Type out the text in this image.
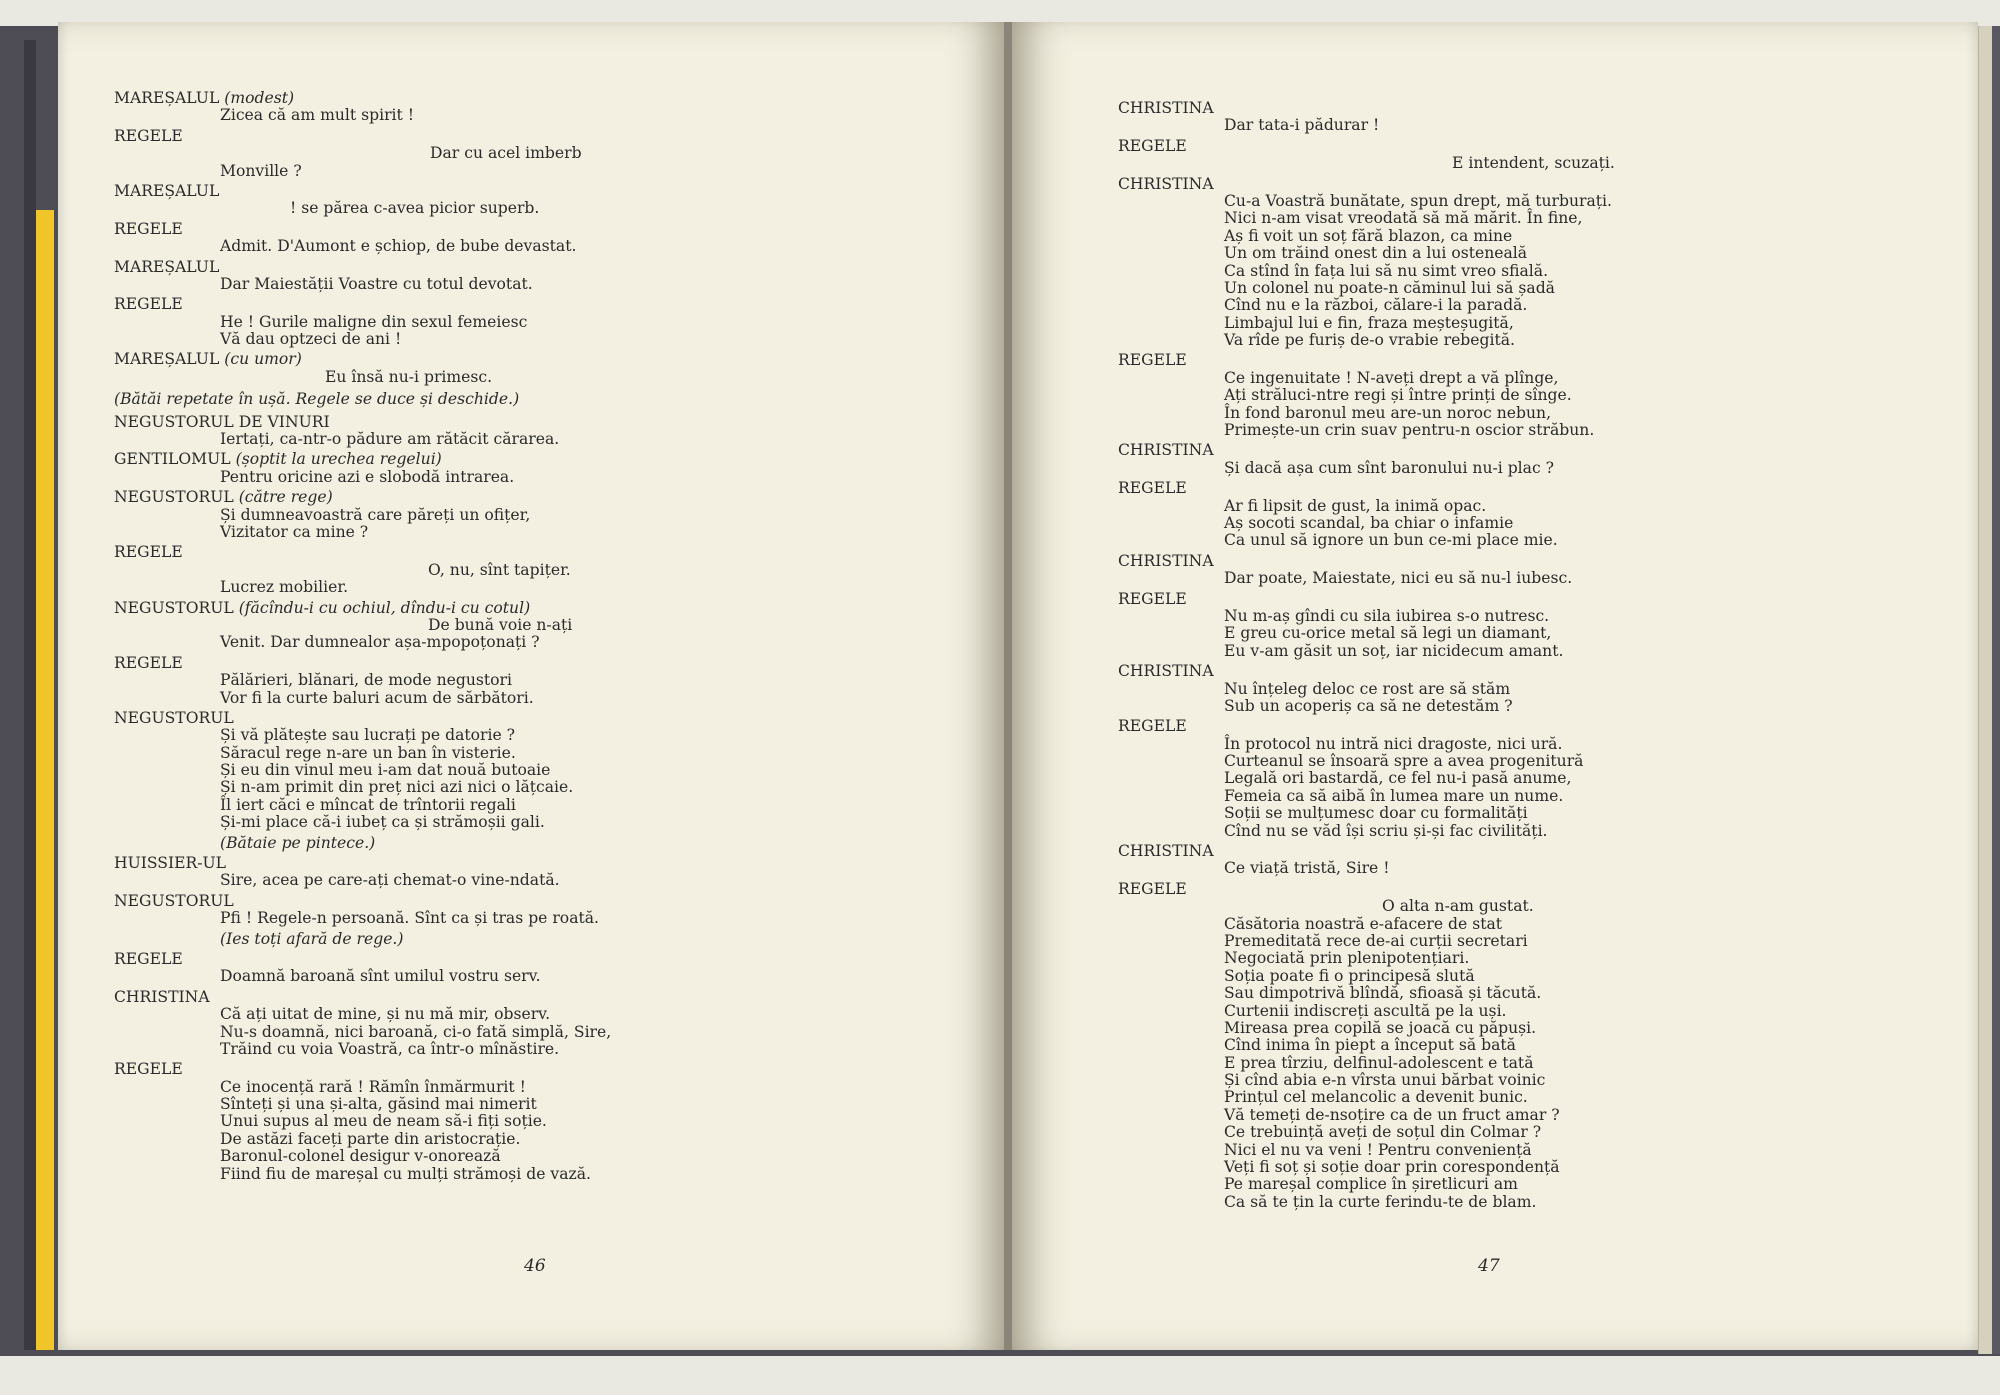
MAREȘALUL (modest)
Zicea că am mult spirit !
REGELE
Dar cu acel imberb
Monville ?
MAREȘALUL
! se părea c-avea picior superb.
REGELE
Admit. D'Aumont e șchiop, de bube devastat.
MAREȘALUL
Dar Maiestății Voastre cu totul devotat.
REGELE
He ! Gurile maligne din sexul femeiesc
Vă dau optzeci de ani !
MAREȘALUL (cu umor)
Eu însă nu-i primesc.
(Bătăi repetate în ușă. Regele se duce și deschide.)
NEGUSTORUL DE VINURI
Iertați, ca-ntr-o pădure am rătăcit cărarea.
GENTILOMUL (șoptit la urechea regelui)
Pentru oricine azi e slobodă intrarea.
NEGUSTORUL (către rege)
Și dumneavoastră care păreți un ofițer,
Vizitator ca mine ?
REGELE
O, nu, sînt tapițer.
Lucrez mobilier.
NEGUSTORUL (făcîndu-i cu ochiul, dîndu-i cu cotul)
De bună voie n-ați
Venit. Dar dumnealor așa-mpopoțonați ?
REGELE
Pălărieri, blănari, de mode negustori
Vor fi la curte baluri acum de sărbători.
NEGUSTORUL
Și vă plătește sau lucrați pe datorie ?
Săracul rege n-are un ban în visterie.
Și eu din vinul meu i-am dat nouă butoaie
Și n-am primit din preț nici azi nici o lățcaie.
Îl iert căci e mîncat de trîntorii regali
Și-mi place că-i iubeț ca și strămoșii gali.
(Bătaie pe pintece.)
HUISSIER-UL
Sire, acea pe care-ați chemat-o vine-ndată.
NEGUSTORUL
Pfi ! Regele-n persoană. Sînt ca și tras pe roată.
(Ies toți afară de rege.)
REGELE
Doamnă baroană sînt umilul vostru serv.
CHRISTINA
Că ați uitat de mine, și nu mă mir, observ.
Nu-s doamnă, nici baroană, ci-o fată simplă, Sire,
Trăind cu voia Voastră, ca într-o mînăstire.
REGELE
Ce inocență rară ! Rămîn înmărmurit !
Sînteți și una și-alta, găsind mai nimerit
Unui supus al meu de neam să-i fiți soție.
De astăzi faceți parte din aristocrație.
Baronul-colonel desigur v-onorează
Fiind fiu de mareșal cu mulți strămoși de vază.
CHRISTINA
Dar tata-i pădurar !
REGELE
E intendent, scuzați.
CHRISTINA
Cu-a Voastră bunătate, spun drept, mă turburați.
Nici n-am visat vreodată să mă mărit. În fine,
Aș fi voit un soț fără blazon, ca mine
Un om trăind onest din a lui osteneală
Ca stînd în fața lui să nu simt vreo sfială.
Un colonel nu poate-n căminul lui să șadă
Cînd nu e la război, călare-i la paradă.
Limbajul lui e fin, fraza meșteșugită,
Va rîde pe furiș de-o vrabie rebegită.
REGELE
Ce ingenuitate ! N-aveți drept a vă plînge,
Ați străluci-ntre regi și între prinți de sînge.
În fond baronul meu are-un noroc nebun,
Primește-un crin suav pentru-n oscior străbun.
CHRISTINA
Și dacă așa cum sînt baronului nu-i plac ?
REGELE
Ar fi lipsit de gust, la inimă opac.
Aș socoti scandal, ba chiar o infamie
Ca unul să ignore un bun ce-mi place mie.
CHRISTINA
Dar poate, Maiestate, nici eu să nu-l iubesc.
REGELE
Nu m-aș gîndi cu sila iubirea s-o nutresc.
E greu cu-orice metal să legi un diamant,
Eu v-am găsit un soț, iar nicidecum amant.
CHRISTINA
Nu înțeleg deloc ce rost are să stăm
Sub un acoperiș ca să ne detestăm ?
REGELE
În protocol nu intră nici dragoste, nici ură.
Curteanul se însoară spre a avea progenitură
Legală ori bastardă, ce fel nu-i pasă anume,
Femeia ca să aibă în lumea mare un nume.
Soții se mulțumesc doar cu formalități
Cînd nu se văd își scriu și-și fac civilități.
CHRISTINA
Ce viață tristă, Sire !
REGELE
O alta n-am gustat.
Căsătoria noastră e-afacere de stat
Premeditată rece de-ai curții secretari
Negociată prin plenipotențiari.
Soția poate fi o principesă slută
Sau dimpotrivă blîndă, sfioasă și tăcută.
Curtenii indiscreți ascultă pe la uși.
Mireasa prea copilă se joacă cu păpuși.
Cînd inima în piept a început să bată
E prea tîrziu, delfinul-adolescent e tată
Și cînd abia e-n vîrsta unui bărbat voinic
Prințul cel melancolic a devenit bunic.
Vă temeți de-nsoțire ca de un fruct amar ?
Ce trebuință aveți de soțul din Colmar ?
Nici el nu va veni ! Pentru conveniență
Veți fi soț și soție doar prin corespondență
Pe mareșal complice în șiretlicuri am
Ca să te țin la curte ferindu-te de blam.
46	47
